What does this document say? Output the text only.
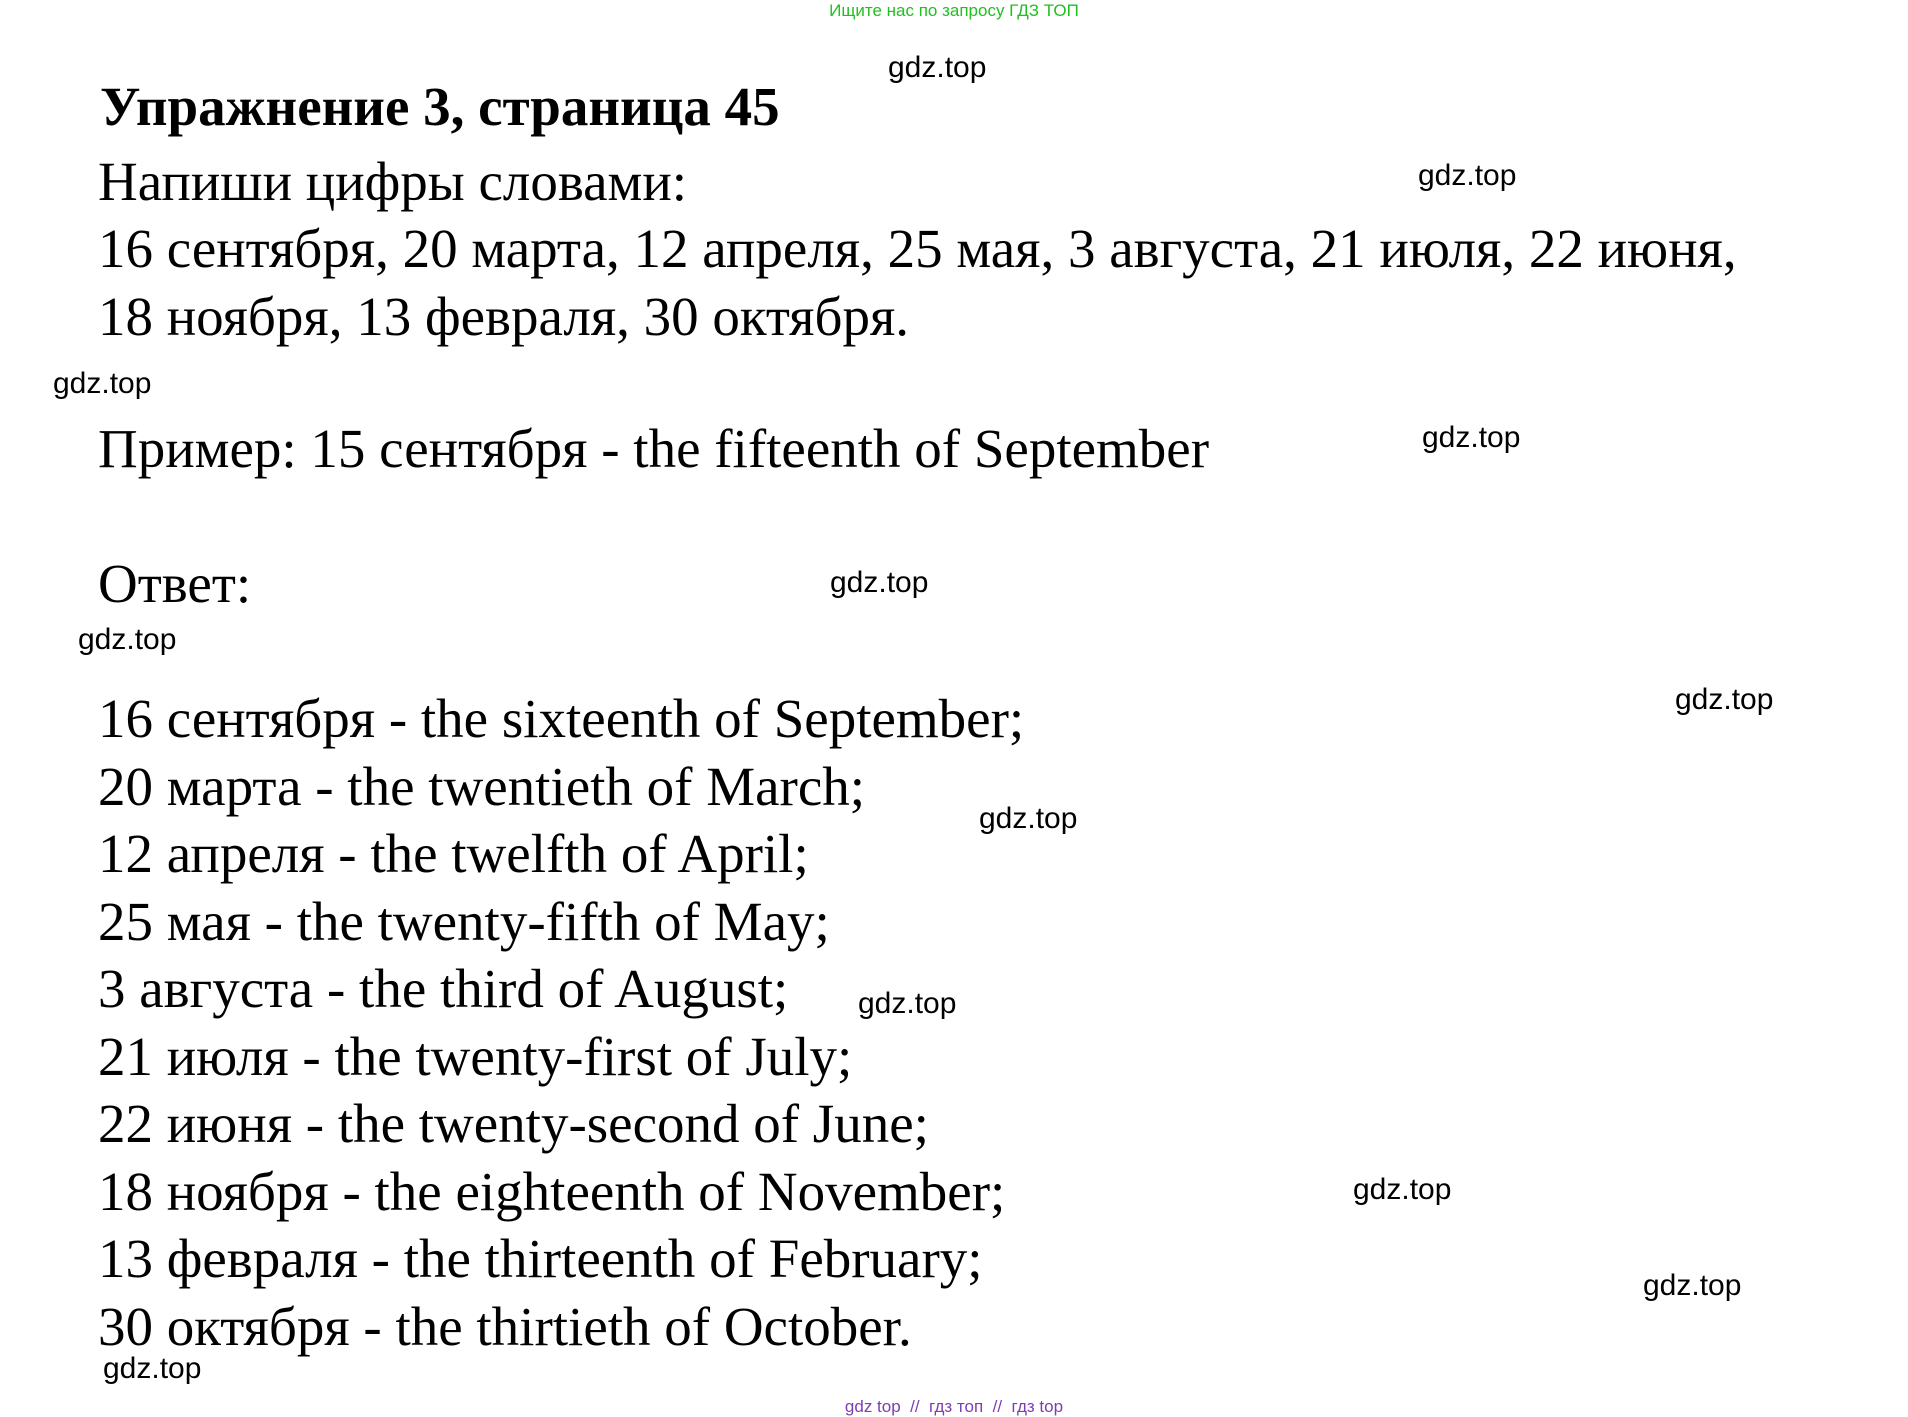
Ищите нас по запросу ГДЗ ТОП
gdz.top
Упражнение 3, страница 45
Напиши цифры словами:	gdz.top
16 сентября, 20 марта, 12 апреля, 25 мая, 3 августа, 21 июля, 22 июня,
18 ноября, 13 февраля, 30 октября.
gdz.top
Пример: 15 сентября - the fifteenth of September	gdz.top
Ответ:	gdz.top
gdz.top
16 сентября - the sixteenth of September;	gdz.top
20 марта - the twentieth of March;
gdz.top
12 апреля - the twelfth of April;
25 мая - the twenty-fifth of May;
3 августа - the third of August; gdz.top
21 июля - the twenty-first of July;
22 июня - the twenty-second of June;
18 ноября - the eighteenth of November;	gdz.top
13 февраля - the thirteenth of February;	gdz.top
30 октября - the thirtieth of October.
gdz.top
gdz top // гдз топ // гдз top
